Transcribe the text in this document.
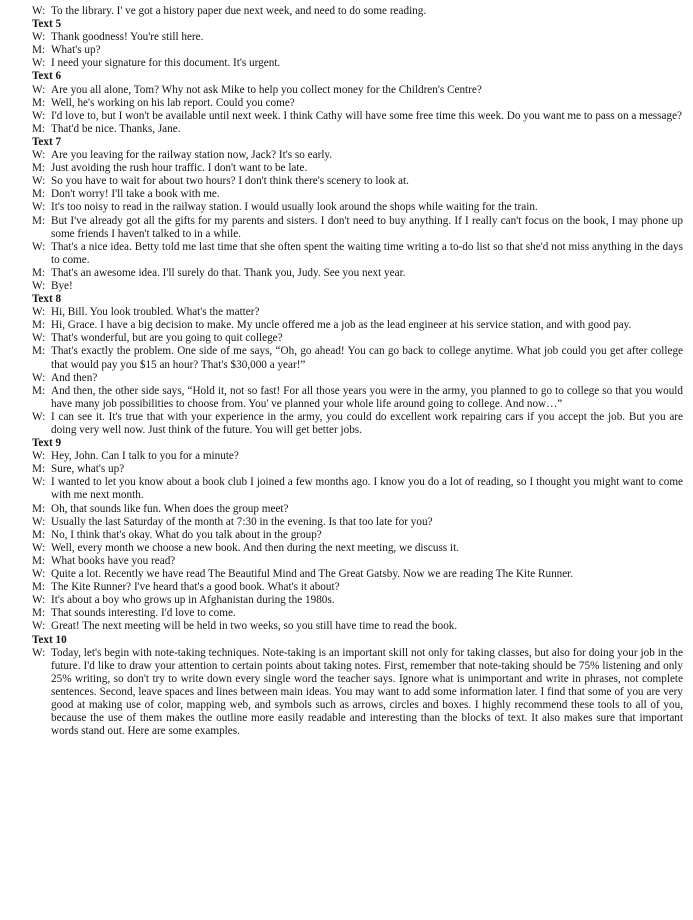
W: To the library. I' ve got a history paper due next week, and need to do some reading.
Text 5
W: Thank goodness! You're still here.
M: What's up?
W: I need your signature for this document. It's urgent.
Text 6
W: Are you all alone, Tom? Why not ask Mike to help you collect money for the Children's Centre?
M: Well, he's working on his lab report. Could you come?
W: I'd love to, but I won't be available until next week. I think Cathy will have some free time this week. Do you want me to pass on a message?
M: That'd be nice. Thanks, Jane.
Text 7
W: Are you leaving for the railway station now, Jack? It's so early.
M: Just avoiding the rush hour traffic. I don't want to be late.
W: So you have to wait for about two hours? I don't think there's scenery to look at.
M: Don't worry! I'll take a book with me.
W: It's too noisy to read in the railway station. I would usually look around the shops while waiting for the train.
M: But I've already got all the gifts for my parents and sisters. I don't need to buy anything. If I really can't focus on the book, I may phone up some friends I haven't talked to in a while.
W: That's a nice idea. Betty told me last time that she often spent the waiting time writing a to-do list so that she'd not miss anything in the days to come.
M: That's an awesome idea. I'll surely do that. Thank you, Judy. See you next year.
W: Bye!
Text 8
W: Hi, Bill. You look troubled. What's the matter?
M: Hi, Grace. I have a big decision to make. My uncle offered me a job as the lead engineer at his service station, and with good pay.
W: That's wonderful, but are you going to quit college?
M: That's exactly the problem. One side of me says, “Oh, go ahead! You can go back to college anytime. What job could you get after college that would pay you $15 an hour? That's $30,000 a year!”
W: And then?
M: And then, the other side says, “Hold it, not so fast! For all those years you were in the army, you planned to go to college so that you would have many job possibilities to choose from. You' ve planned your whole life around going to college. And now…”
W: I can see it. It's true that with your experience in the army, you could do excellent work repairing cars if you accept the job. But you are doing very well now. Just think of the future. You will get better jobs.
Text 9
W: Hey, John. Can I talk to you for a minute?
M: Sure, what's up?
W: I wanted to let you know about a book club I joined a few months ago. I know you do a lot of reading, so I thought you might want to come with me next month.
M: Oh, that sounds like fun. When does the group meet?
W: Usually the last Saturday of the month at 7:30 in the evening. Is that too late for you?
M: No, I think that's okay. What do you talk about in the group?
W: Well, every month we choose a new book. And then during the next meeting, we discuss it.
M: What books have you read?
W: Quite a lot. Recently we have read The Beautiful Mind and The Great Gatsby. Now we are reading The Kite Runner.
M: The Kite Runner? I've heard that's a good book. What's it about?
W: It's about a boy who grows up in Afghanistan during the 1980s.
M: That sounds interesting. I'd love to come.
W: Great! The next meeting will be held in two weeks, so you still have time to read the book.
Text 10
W: Today, let's begin with note-taking techniques. Note-taking is an important skill not only for taking classes, but also for doing your job in the future. I'd like to draw your attention to certain points about taking notes. First, remember that note-taking should be 75% listening and only 25% writing, so don't try to write down every single word the teacher says. Ignore what is unimportant and write in phrases, not complete sentences. Second, leave spaces and lines between main ideas. You may want to add some information later. I find that some of you are very good at making use of color, mapping web, and symbols such as arrows, circles and boxes. I highly recommend these tools to all of you, because the use of them makes the outline more easily readable and interesting than the blocks of text. It also makes sure that important words stand out. Here are some examples.
